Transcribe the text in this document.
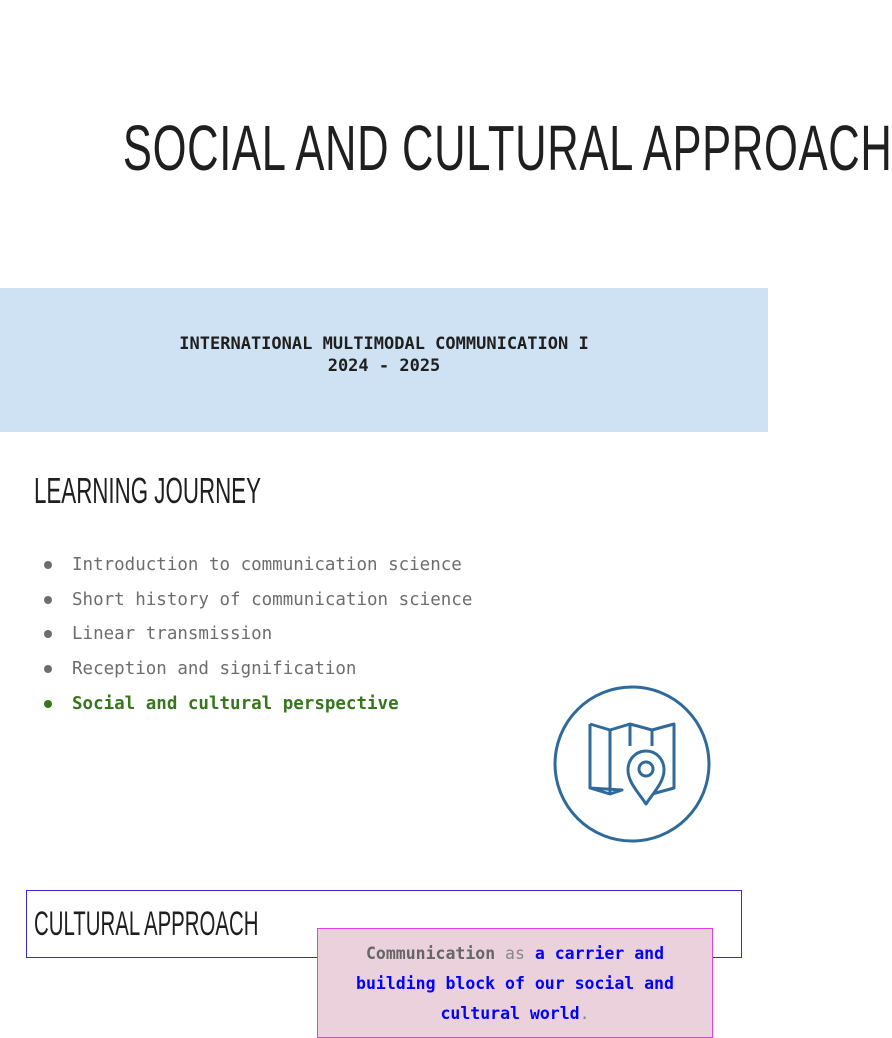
SOCIAL AND CULTURAL APPROACH
INTERNATIONAL MULTIMODAL COMMUNICATION I
2024 - 2025
LEARNING JOURNEY
Introduction to communication science
Short history of communication science
Linear transmission
Reception and signification
Social and cultural perspective
CULTURAL APPROACH
Communication as a carrier and building block of our social and cultural world.
